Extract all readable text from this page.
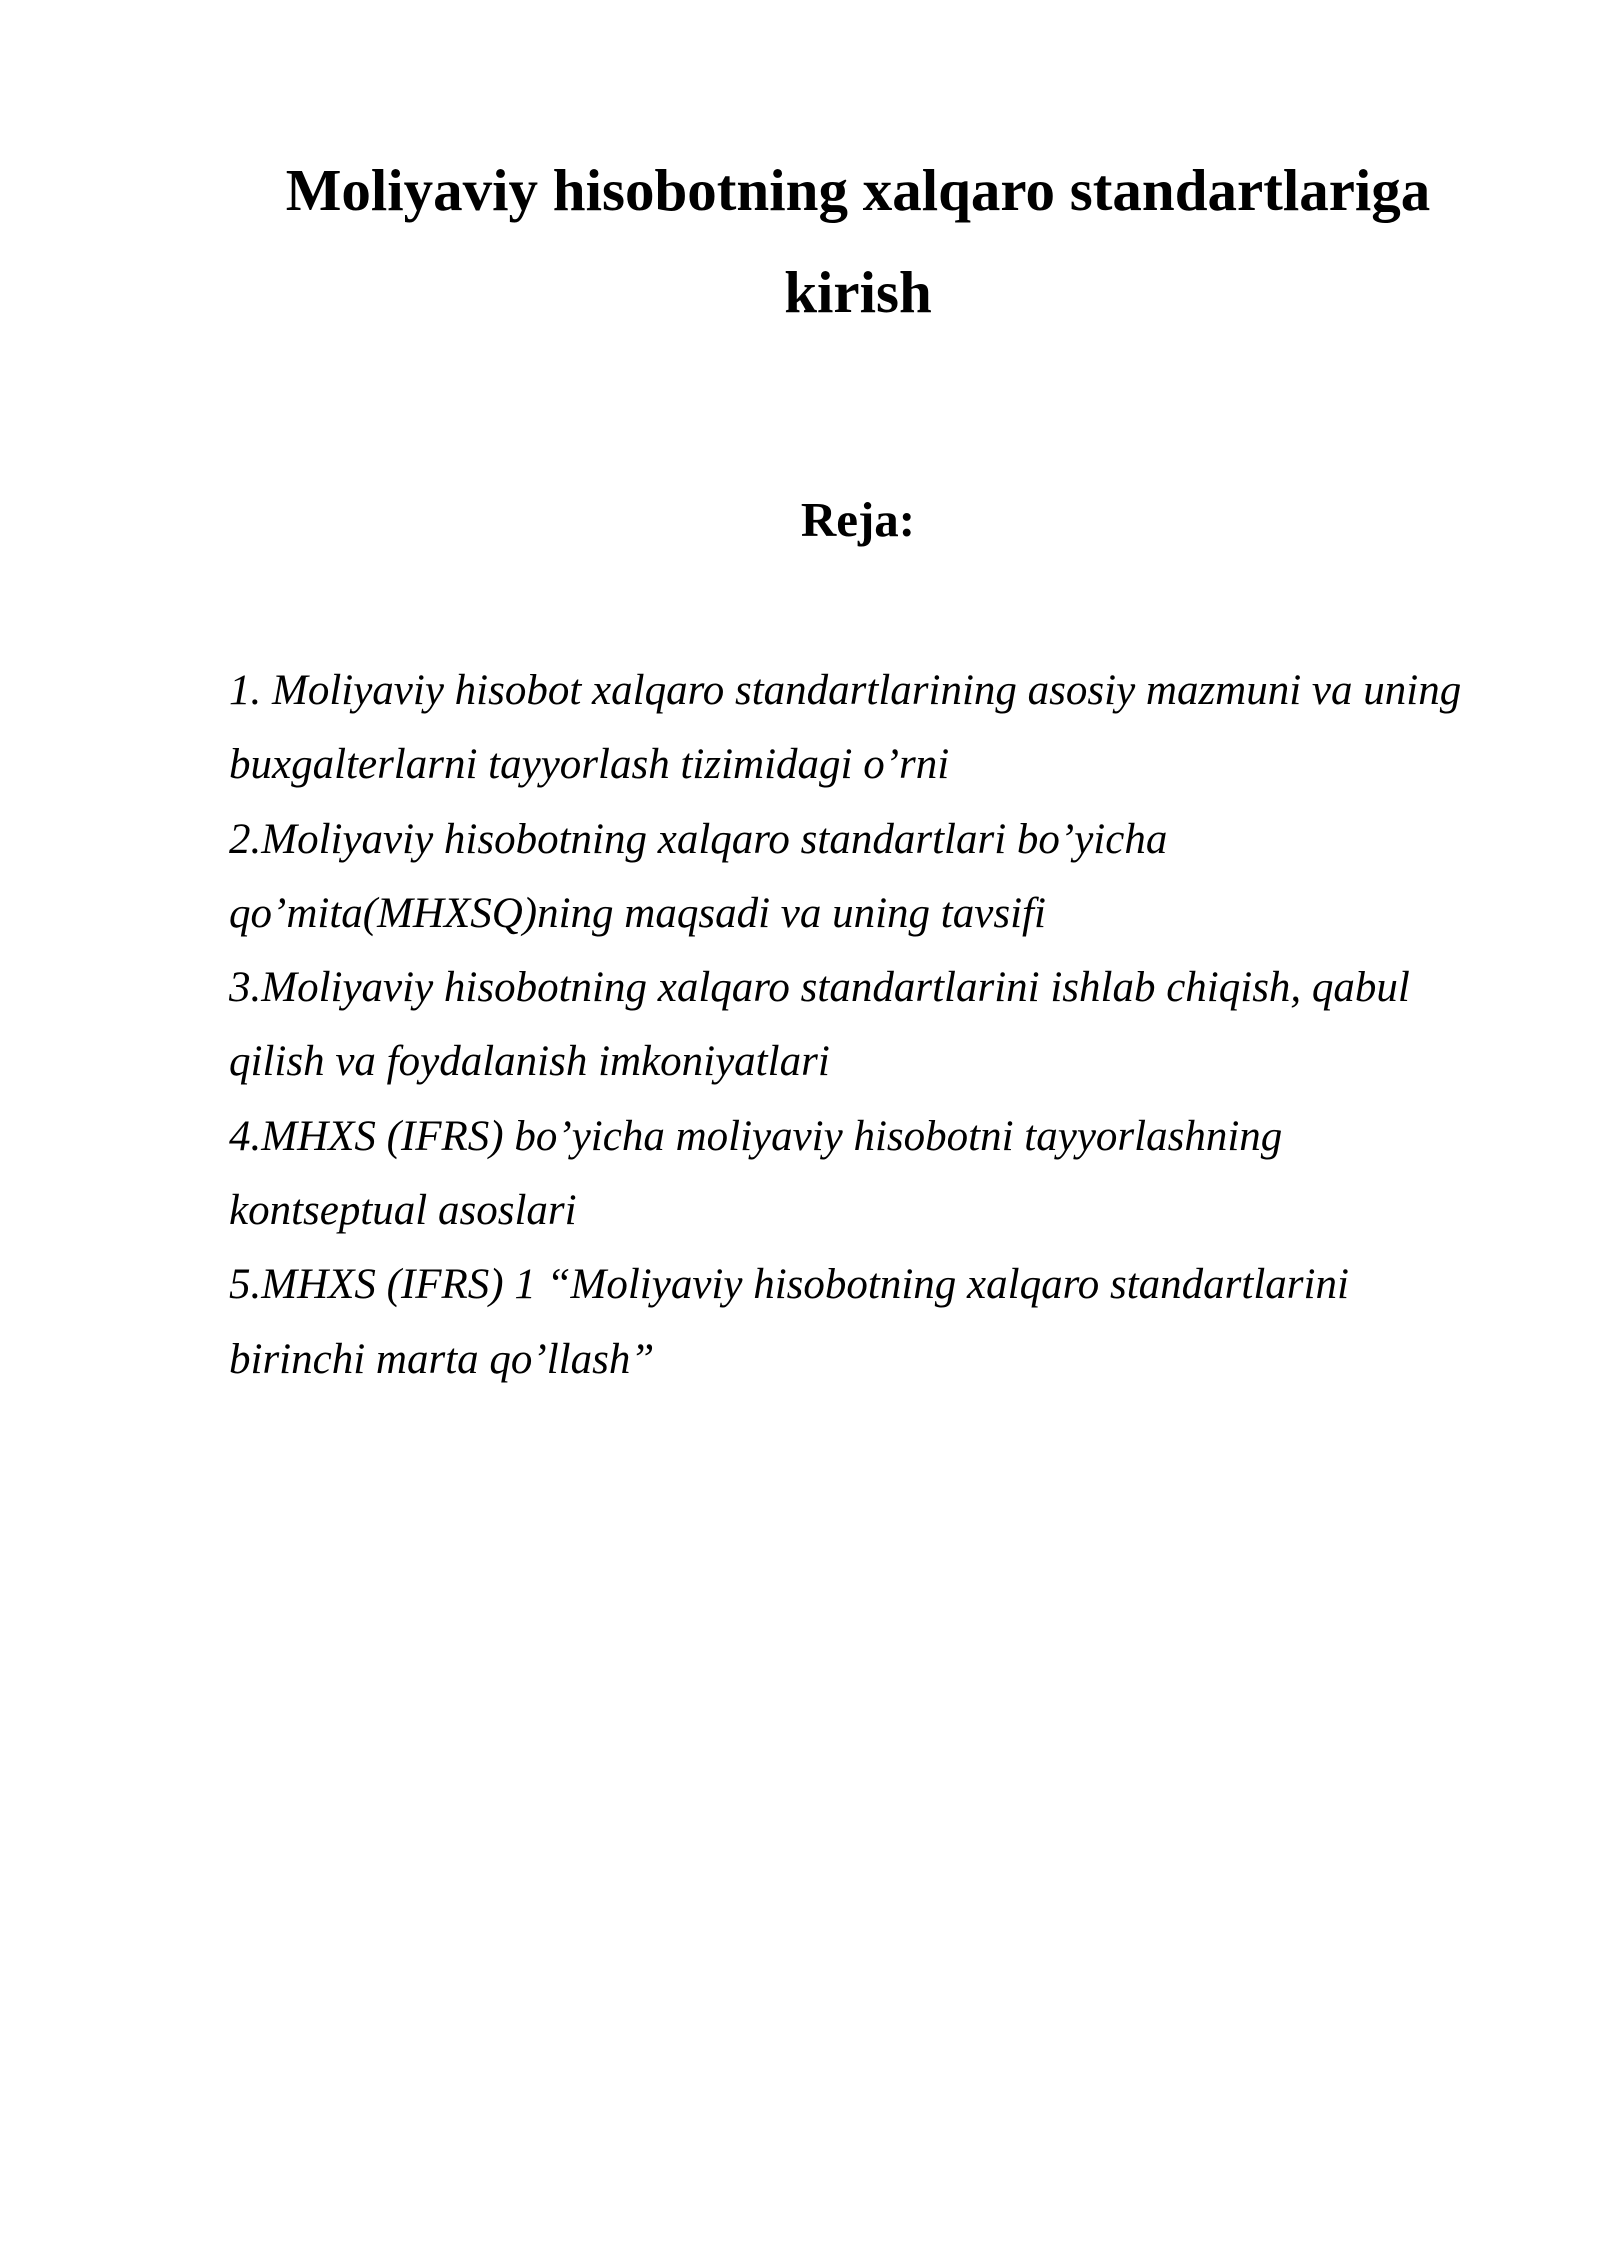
Moliyaviy hisobotning xalqaro standartlariga kirish
Reja:
1. Moliyaviy hisobot xalqaro standartlarining asosiy mazmuni va uning buxgalterlarni tayyorlash tizimidagi o’rni
2.Moliyaviy hisobotning xalqaro standartlari bo’yicha qo’mita(MHXSQ)ning maqsadi va uning tavsifi
3.Moliyaviy hisobotning xalqaro standartlarini ishlab chiqish, qabul qilish va foydalanish imkoniyatlari
4.MHXS (IFRS) bo’yicha moliyaviy hisobotni tayyorlashning kontseptual asoslari
5.MHXS (IFRS) 1 “Moliyaviy hisobotning xalqaro standartlarini birinchi marta qo’llash”
